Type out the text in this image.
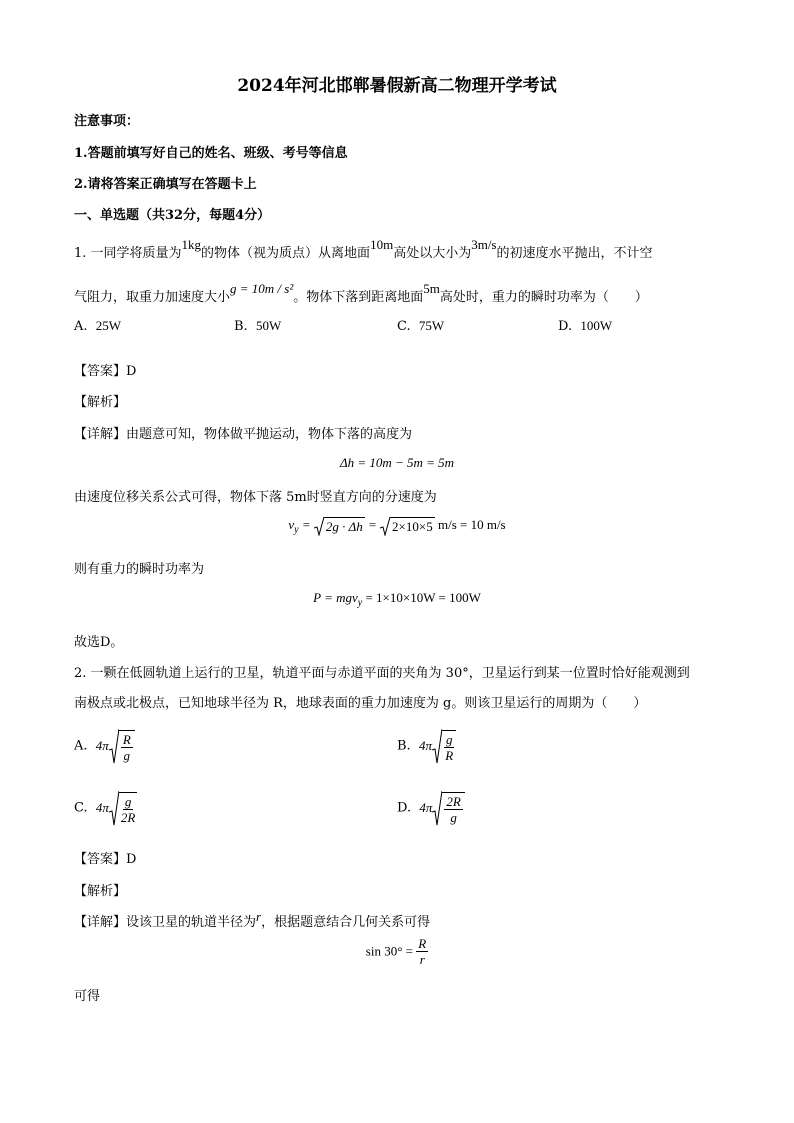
2024年河北邯郸暑假新高二物理开学考试
注意事项：
1.答题前填写好自己的姓名、班级、考号等信息
2.请将答案正确填写在答题卡上
一、单选题（共32分，每题4分）
1. 一同学将质量为1kg的物体（视为质点）从离地面10m高处以大小为3m/s的初速度水平抛出，不计空
气阻力，取重力加速度大小g = 10m / s²。物体下落到距离地面5m高处时，重力的瞬时功率为（　　）
A. 25W	B. 50W	C. 75W	D. 100W
【答案】D
【解析】
【详解】由题意可知，物体做平抛运动，物体下落的高度为
Δh = 10m − 5m = 5m
由速度位移关系公式可得，物体下落 5m时竖直方向的分速度为
$v_y = 2g \cdot \Delta h = 2\times 10\times 5$ m/s = 10 m/s
则有重力的瞬时功率为
P = mgv$_y$ = 1×10×10W = 100W
故选D。
2. 一颗在低圆轨道上运行的卫星，轨道平面与赤道平面的夹角为 30°，卫星运行到某一位置时恰好能观测到
南极点或北极点，已知地球半径为 R，地球表面的重力加速度为 g。则该卫星运行的周期为（　　）
A. $4\pi \frac{R}{g}$	B. $4\pi \frac{g}{R}$
C. $4\pi \frac{g}{2R}$	D. $4\pi \frac{2R}{g}$
【答案】D
【解析】
【详解】设该卫星的轨道半径为r，根据题意结合几何关系可得
$\sin 30^\circ = \frac{R}{r}$
可得
